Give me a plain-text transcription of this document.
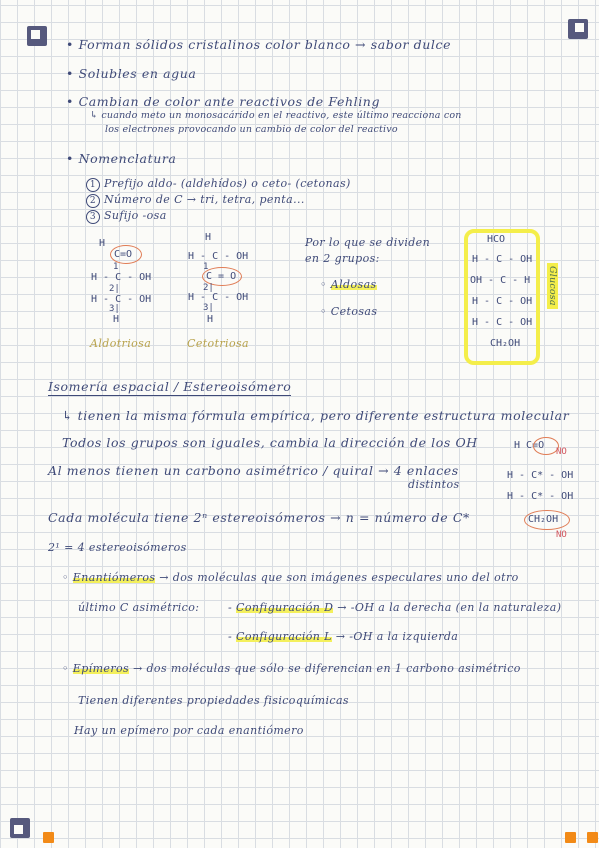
• Forman sólidos cristalinos color blanco → sabor dulce
• Solubles en agua
• Cambian de color ante reactivos de Fehling
↳ cuando meto un monosacárido en el reactivo, este último reacciona con
los electrones provocando un cambio de color del reactivo
• Nomenclatura
1 Prefijo aldo- (aldehídos) o ceto- (cetonas)
2 Número de C → tri, tetra, penta...
3 Sufijo -osa
H
C=O
1
H - C - OH
2|
H - C - OH
3|
H
Aldotriosa
H
H - C - OH
1
C = O
2|
H - C - OH
3|
H
Cetotriosa
Por lo que se dividen
en 2 grupos:
◦ Aldosas
◦ Cetosas
HCO
H - C - OH
OH - C - H
H - C - OH
H - C - OH
CH₂OH
Glucosa
Isomería espacial / Estereoisómero
↳ tienen la misma fórmula empírica, pero diferente estructura molecular
Todos los grupos son iguales, cambia la dirección de los OH
Al menos tienen un carbono asimétrico / quiral → 4 enlaces
distintos
Cada molécula tiene 2ⁿ estereoisómeros → n = número de C*
2¹ = 4 estereoisómeros
H C=O
NO
H - C* - OH
H - C* - OH
CH₂OH
NO
◦ Enantiómeros → dos moléculas que son imágenes especulares uno del otro
último C asimétrico:	- Configuración D → -OH a la derecha (en la naturaleza)
- Configuración L → -OH a la izquierda
◦ Epímeros → dos moléculas que sólo se diferencian en 1 carbono asimétrico
Tienen diferentes propiedades fisicoquímicas
Hay un epímero por cada enantiómero
